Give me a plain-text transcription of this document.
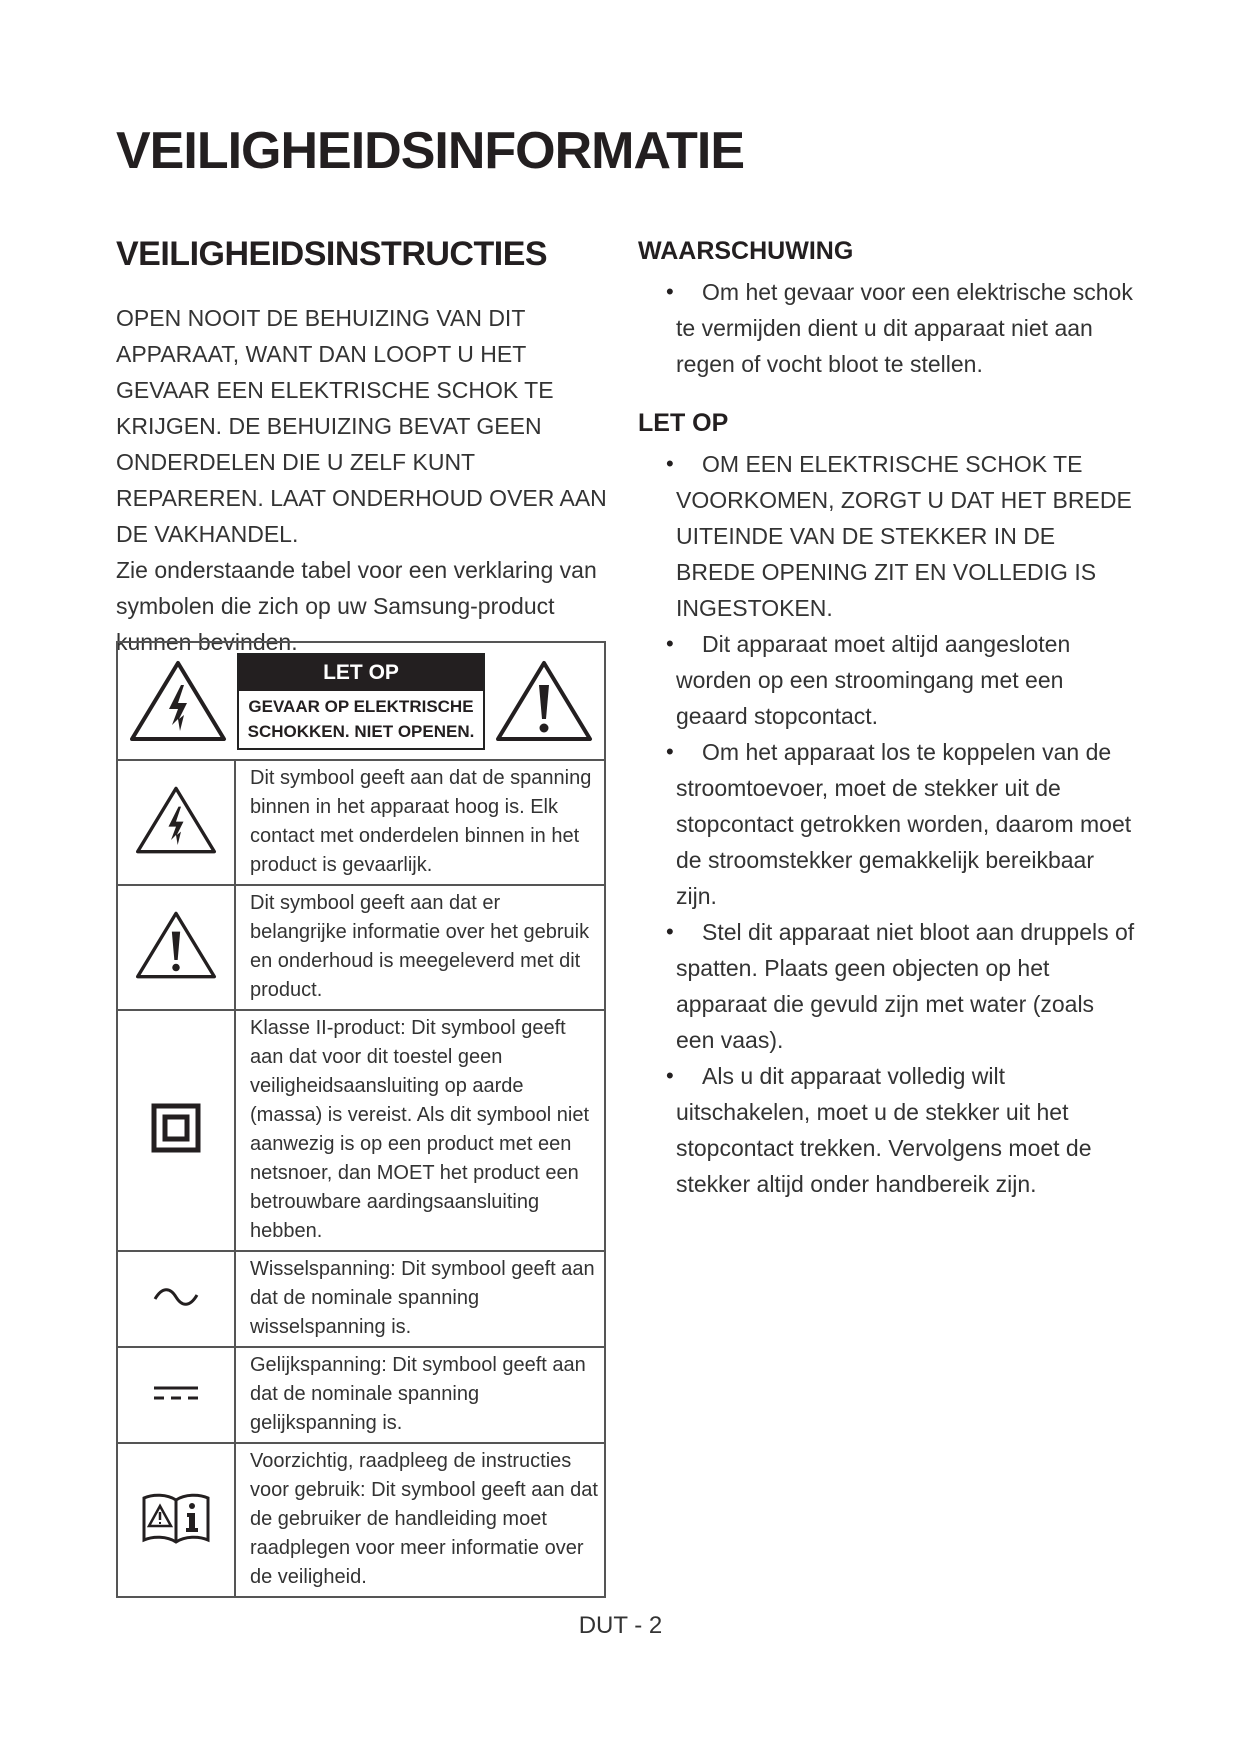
VEILIGHEIDSINFORMATIE
VEILIGHEIDSINSTRUCTIES

OPEN NOOIT DE BEHUIZING VAN DIT APPARAAT, WANT DAN LOOPT U HET GEVAAR EEN ELEKTRISCHE SCHOK TE KRIJGEN. DE BEHUIZING BEVAT GEEN ONDERDELEN DIE U ZELF KUNT REPAREREN. LAAT ONDERHOUD OVER AAN DE VAKHANDEL.

Zie onderstaande tabel voor een verklaring van symbolen die zich op uw Samsung-product kunnen bevinden.

LET OP
GEVAAR OP ELEKTRISCHE SCHOKKEN. NIET OPENEN.	

	Dit symbool geeft aan dat de spanning binnen in het apparaat hoog is. Elk contact met onderdelen binnen in het product is gevaarlijk.

	Dit symbool geeft aan dat er belangrijke informatie over het gebruik en onderhoud is meegeleverd met dit product.

	Klasse II-product: Dit symbool geeft aan dat voor dit toestel geen veiligheidsaansluiting op aarde (massa) is vereist. Als dit symbool niet aanwezig is op een product met een netsnoer, dan MOET het product een betrouwbare aardingsaansluiting hebben.

	Wisselspanning: Dit symbool geeft aan dat de nominale spanning wisselspanning is.

	Gelijkspanning: Dit symbool geeft aan dat de nominale spanning gelijkspanning is.

	Voorzichtig, raadpleeg de instructies voor gebruik: Dit symbool geeft aan dat de gebruiker de handleiding moet raadplegen voor meer informatie over de veiligheid.
WAARSCHUWING
• Om het gevaar voor een elektrische schok te vermijden dient u dit apparaat niet aan regen of vocht bloot te stellen.
LET OP
• OM EEN ELEKTRISCHE SCHOK TE VOORKOMEN, ZORGT U DAT HET BREDE UITEINDE VAN DE STEKKER IN DE BREDE OPENING ZIT EN VOLLEDIG IS INGESTOKEN.
• Dit apparaat moet altijd aangesloten worden op een stroomingang met een geaard stopcontact.
• Om het apparaat los te koppelen van de stroomtoevoer, moet de stekker uit de stopcontact getrokken worden, daarom moet de stroomstekker gemakkelijk bereikbaar zijn.
• Stel dit apparaat niet bloot aan druppels of spatten. Plaats geen objecten op het apparaat die gevuld zijn met water (zoals een vaas).
• Als u dit apparaat volledig wilt uitschakelen, moet u de stekker uit het stopcontact trekken. Vervolgens moet de stekker altijd onder handbereik zijn.
DUT - 2
